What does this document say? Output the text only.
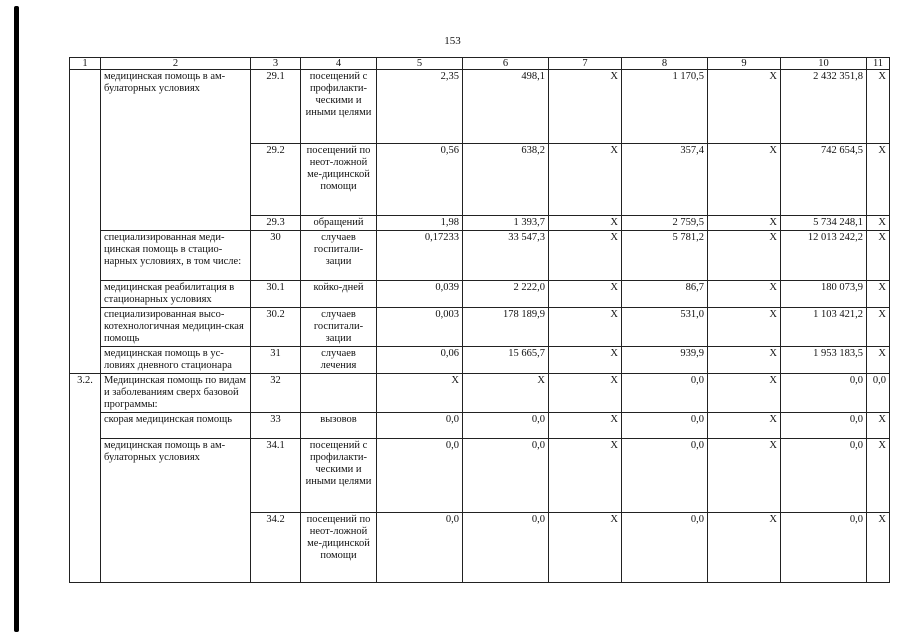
153
1	2	3	4	5	6	7	8	9	10	11
	медицинская помощь в ам-булаторных условиях	29.1	посещений с профилакти-ческими и иными целями	2,35	498,1	X	1 170,5	X	2 432 351,8	X
		29.2	посещений по неот-ложной ме-дицинской помощи	0,56	638,2	X	357,4	X	742 654,5	X
		29.3	обращений	1,98	1 393,7	X	2 759,5	X	5 734 248,1	X
	специализированная меди-цинская помощь в стацио-нарных условиях, в том числе:	30	случаев госпитали-зации	0,17233	33 547,3	X	5 781,2	X	12 013 242,2	X
	медицинская реабилитация в стационарных условиях	30.1	койко-дней	0,039	2 222,0	X	86,7	X	180 073,9	X
	специализированная высо-котехнологичная медицин-ская помощь	30.2	случаев госпитали-зации	0,003	178 189,9	X	531,0	X	1 103 421,2	X
	медицинская помощь в ус-ловиях дневного стационара	31	случаев лечения	0,06	15 665,7	X	939,9	X	1 953 183,5	X
3.2.	Медицинская помощь по видам и заболеваниям сверх базовой программы:	32		X	X	X	0,0	X	0,0	0,0
	скорая медицинская помощь	33	вызовов	0,0	0,0	X	0,0	X	0,0	X
	медицинская помощь в ам-булаторных условиях	34.1	посещений с профилакти-ческими и иными целями	0,0	0,0	X	0,0	X	0,0	X
		34.2	посещений по неот-ложной ме-дицинской помощи	0,0	0,0	X	0,0	X	0,0	X
